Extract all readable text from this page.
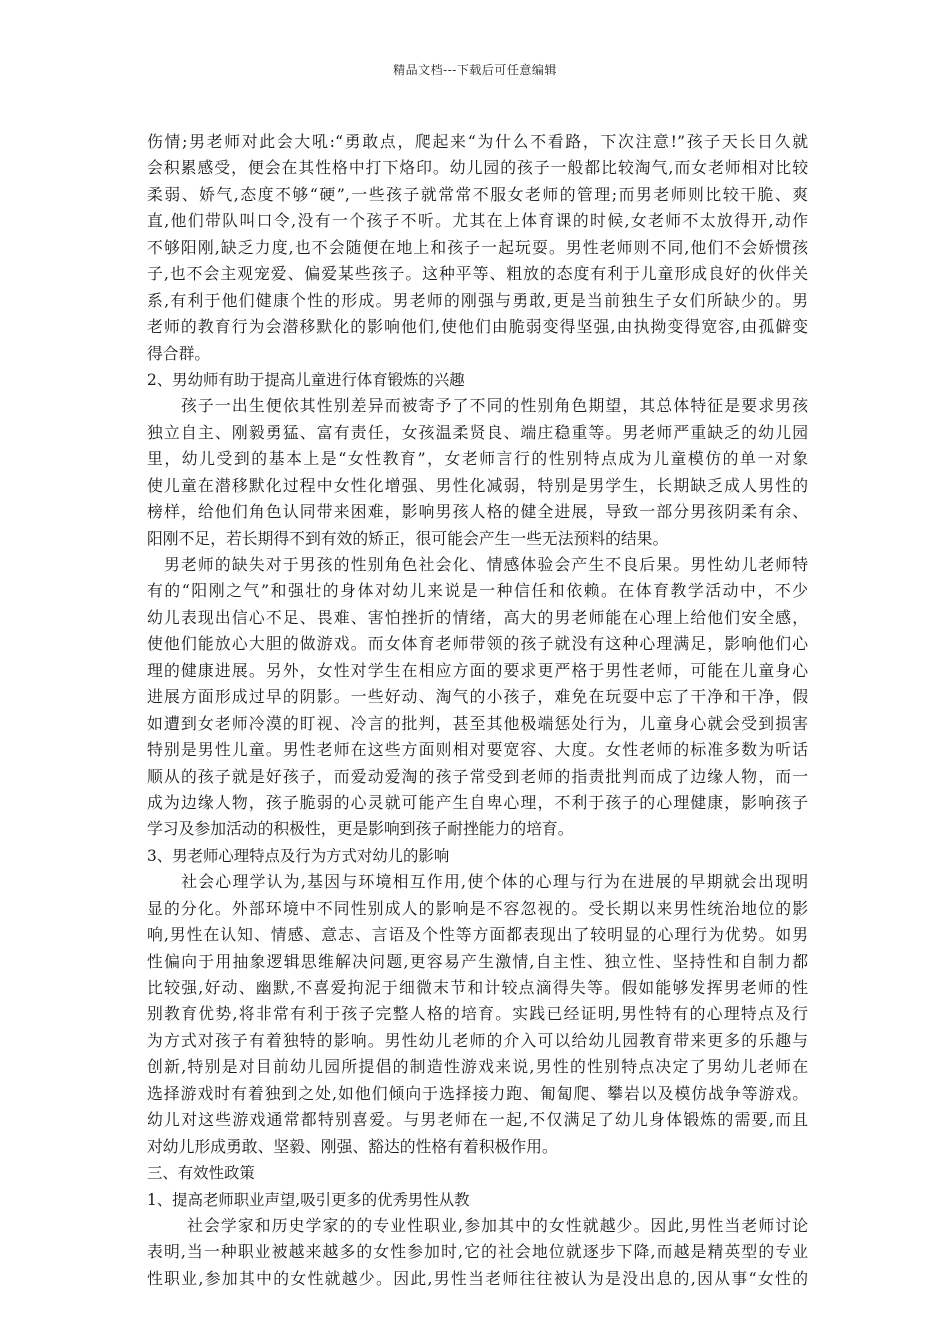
精品文档---下载后可任意编辑
伤情;男老师对此会大吼:“勇敢点，爬起来“为什么不看路，下次注意!”孩子天长日久就
会积累感受，便会在其性格中打下烙印。幼儿园的孩子一般都比较淘气,而女老师相对比较
柔弱、娇气,态度不够“硬”,一些孩子就常常不服女老师的管理;而男老师则比较干脆、爽
直,他们带队叫口令,没有一个孩子不听。尤其在上体育课的时候,女老师不太放得开,动作
不够阳刚,缺乏力度,也不会随便在地上和孩子一起玩耍。男性老师则不同,他们不会娇惯孩
子,也不会主观宠爱、偏爱某些孩子。这种平等、粗放的态度有利于儿童形成良好的伙伴关
系,有利于他们健康个性的形成。男老师的刚强与勇敢,更是当前独生子女们所缺少的。男
老师的教育行为会潜移默化的影响他们,使他们由脆弱变得坚强,由执拗变得宽容,由孤僻变
得合群。
2、男幼师有助于提高儿童进行体育锻炼的兴趣
　　孩子一出生便依其性别差异而被寄予了不同的性别角色期望，其总体特征是要求男孩
独立自主、刚毅勇猛、富有责任，女孩温柔贤良、端庄稳重等。男老师严重缺乏的幼儿园
里，幼儿受到的基本上是“女性教育”，女老师言行的性别特点成为儿童模仿的单一对象
使儿童在潜移默化过程中女性化增强、男性化减弱，特别是男学生，长期缺乏成人男性的
榜样，给他们角色认同带来困难，影响男孩人格的健全进展，导致一部分男孩阴柔有余、
阳刚不足，若长期得不到有效的矫正，很可能会产生一些无法预料的结果。
　男老师的缺失对于男孩的性别角色社会化、情感体验会产生不良后果。男性幼儿老师特
有的“阳刚之气”和强壮的身体对幼儿来说是一种信任和依赖。在体育教学活动中，不少
幼儿表现出信心不足、畏难、害怕挫折的情绪，高大的男老师能在心理上给他们安全感，
使他们能放心大胆的做游戏。而女体育老师带领的孩子就没有这种心理满足，影响他们心
理的健康进展。另外，女性对学生在相应方面的要求更严格于男性老师，可能在儿童身心
进展方面形成过早的阴影。一些好动、淘气的小孩子，难免在玩耍中忘了干净和干净，假
如遭到女老师冷漠的盯视、冷言的批判，甚至其他极端惩处行为，儿童身心就会受到损害
特别是男性儿童。男性老师在这些方面则相对要宽容、大度。女性老师的标准多数为听话
顺从的孩子就是好孩子，而爱动爱淘的孩子常受到老师的指责批判而成了边缘人物，而一
成为边缘人物，孩子脆弱的心灵就可能产生自卑心理，不利于孩子的心理健康，影响孩子
学习及参加活动的积极性，更是影响到孩子耐挫能力的培育。
3、男老师心理特点及行为方式对幼儿的影响
　　社会心理学认为,基因与环境相互作用,使个体的心理与行为在进展的早期就会出现明
显的分化。外部环境中不同性别成人的影响是不容忽视的。受长期以来男性统治地位的影
响,男性在认知、情感、意志、言语及个性等方面都表现出了较明显的心理行为优势。如男
性偏向于用抽象逻辑思维解决问题,更容易产生激情,自主性、独立性、坚持性和自制力都
比较强,好动、幽默,不喜爱拘泥于细微末节和计较点滴得失等。假如能够发挥男老师的性
别教育优势,将非常有利于孩子完整人格的培育。实践已经证明,男性特有的心理特点及行
为方式对孩子有着独特的影响。男性幼儿老师的介入可以给幼儿园教育带来更多的乐趣与
创新,特别是对目前幼儿园所提倡的制造性游戏来说,男性的性别特点决定了男幼儿老师在
选择游戏时有着独到之处,如他们倾向于选择接力跑、匍匐爬、攀岩以及模仿战争等游戏。
幼儿对这些游戏通常都特别喜爱。与男老师在一起,不仅满足了幼儿身体锻炼的需要,而且
对幼儿形成勇敢、坚毅、刚强、豁达的性格有着积极作用。
三、有效性政策
1、提高老师职业声望,吸引更多的优秀男性从教
　　 社会学家和历史学家的的专业性职业,参加其中的女性就越少。因此,男性当老师讨论
表明,当一种职业被越来越多的女性参加时,它的社会地位就逐步下降,而越是精英型的专业
性职业,参加其中的女性就越少。因此,男性当老师往往被认为是没出息的,因从事“女性的
